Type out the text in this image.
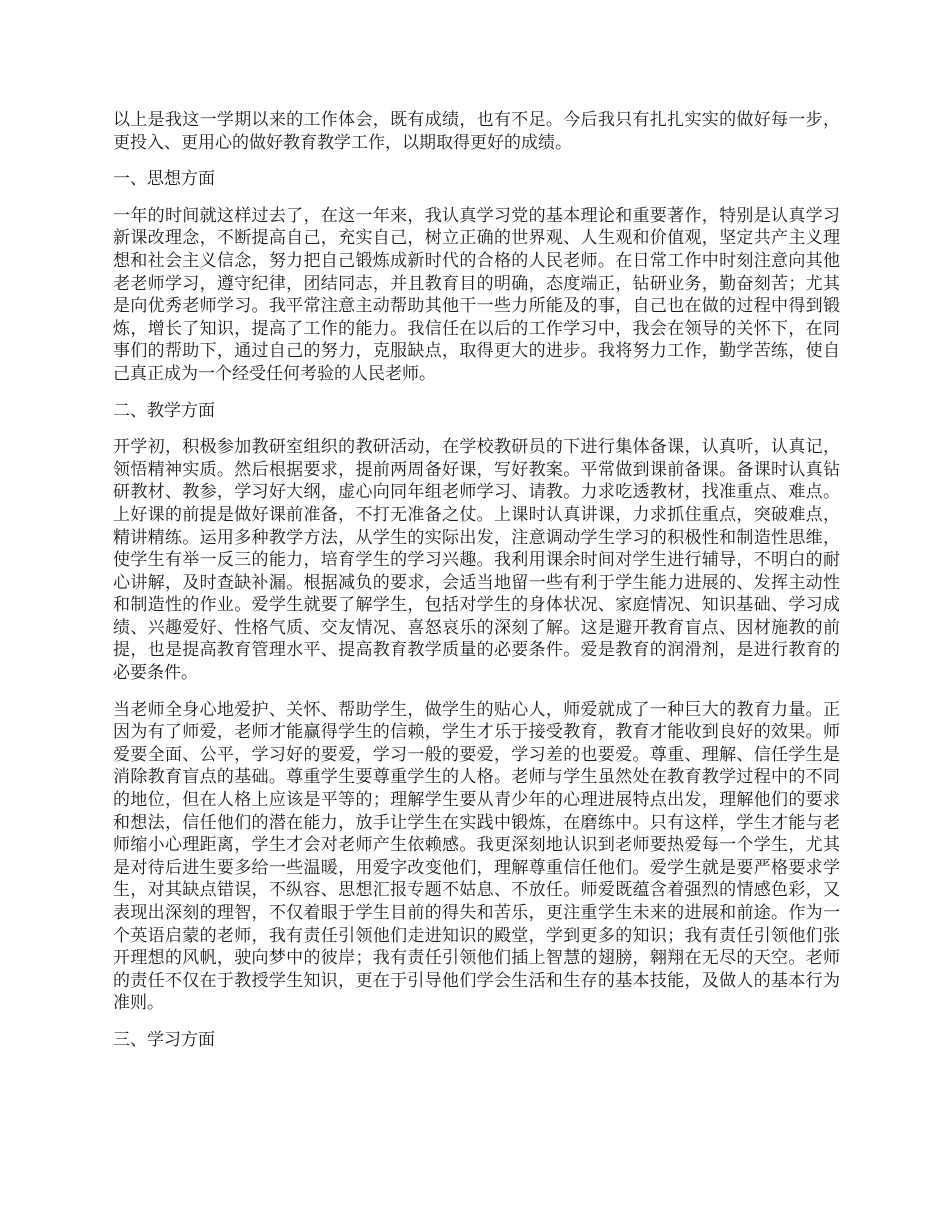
以上是我这一学期以来的工作体会，既有成绩，也有不足。今后我只有扎扎实实的做好每一步，更投入、更用心的做好教育教学工作，以期取得更好的成绩。

一、思想方面

一年的时间就这样过去了，在这一年来，我认真学习党的基本理论和重要著作，特别是认真学习新课改理念，不断提高自己，充实自己，树立正确的世界观、人生观和价值观，坚定共产主义理想和社会主义信念，努力把自己锻炼成新时代的合格的人民老师。在日常工作中时刻注意向其他老老师学习，遵守纪律，团结同志，并且教育目的明确，态度端正，钻研业务，勤奋刻苦；尤其是向优秀老师学习。我平常注意主动帮助其他干一些力所能及的事，自己也在做的过程中得到锻炼，增长了知识，提高了工作的能力。我信任在以后的工作学习中，我会在领导的关怀下，在同事们的帮助下，通过自己的努力，克服缺点，取得更大的进步。我将努力工作，勤学苦练，使自己真正成为一个经受任何考验的人民老师。

二、教学方面

开学初，积极参加教研室组织的教研活动，在学校教研员的下进行集体备课，认真听，认真记，领悟精神实质。然后根据要求，提前两周备好课，写好教案。平常做到课前备课。备课时认真钻研教材、教参，学习好大纲，虚心向同年组老师学习、请教。力求吃透教材，找准重点、难点。上好课的前提是做好课前准备，不打无准备之仗。上课时认真讲课，力求抓住重点，突破难点，精讲精练。运用多种教学方法，从学生的实际出发，注意调动学生学习的积极性和制造性思维，使学生有举一反三的能力，培育学生的学习兴趣。我利用课余时间对学生进行辅导，不明白的耐心讲解，及时查缺补漏。根据减负的要求，会适当地留一些有利于学生能力进展的、发挥主动性和制造性的作业。爱学生就要了解学生，包括对学生的身体状况、家庭情况、知识基础、学习成绩、兴趣爱好、性格气质、交友情况、喜怒哀乐的深刻了解。这是避开教育盲点、因材施教的前提，也是提高教育管理水平、提高教育教学质量的必要条件。爱是教育的润滑剂，是进行教育的必要条件。

当老师全身心地爱护、关怀、帮助学生，做学生的贴心人，师爱就成了一种巨大的教育力量。正因为有了师爱，老师才能赢得学生的信赖，学生才乐于接受教育，教育才能收到良好的效果。师爱要全面、公平，学习好的要爱，学习一般的要爱，学习差的也要爱。尊重、理解、信任学生是消除教育盲点的基础。尊重学生要尊重学生的人格。老师与学生虽然处在教育教学过程中的不同的地位，但在人格上应该是平等的；理解学生要从青少年的心理进展特点出发，理解他们的要求和想法，信任他们的潜在能力，放手让学生在实践中锻炼，在磨练中。只有这样，学生才能与老师缩小心理距离，学生才会对老师产生依赖感。我更深刻地认识到老师要热爱每一个学生，尤其是对待后进生要多给一些温暖，用爱字改变他们，理解尊重信任他们。爱学生就是要严格要求学生，对其缺点错误，不纵容、思想汇报专题不姑息、不放任。师爱既蕴含着强烈的情感色彩，又表现出深刻的理智，不仅着眼于学生目前的得失和苦乐，更注重学生未来的进展和前途。作为一个英语启蒙的老师，我有责任引领他们走进知识的殿堂，学到更多的知识；我有责任引领他们张开理想的风帆，驶向梦中的彼岸；我有责任引领他们插上智慧的翅膀，翱翔在无尽的天空。老师的责任不仅在于教授学生知识，更在于引导他们学会生活和生存的基本技能，及做人的基本行为准则。

三、学习方面
